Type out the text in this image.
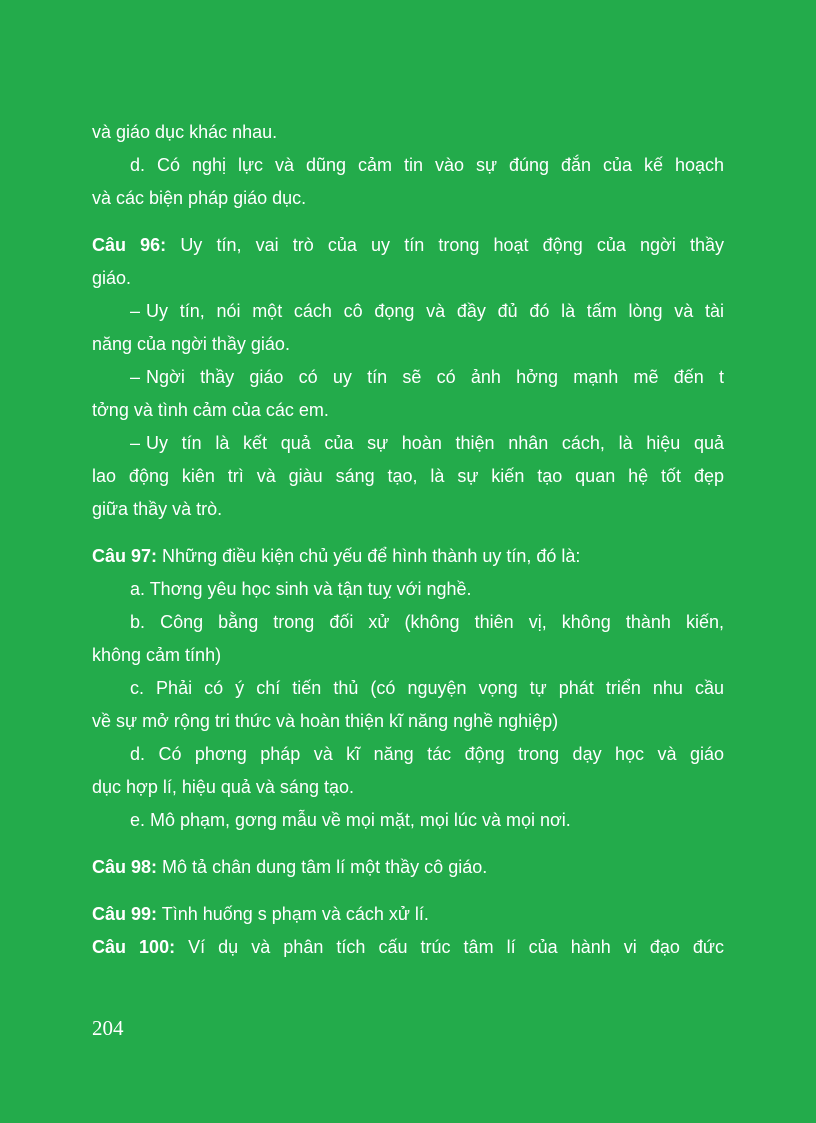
và giáo dục khác nhau.
d. Có nghị lực và dũng cảm tin vào sự đúng đắn của kế hoạch
và các biện pháp giáo dục.
Câu 96: Uy tín, vai trò của uy tín trong hoạt động của ngời thầy
giáo.
– Uy tín, nói một cách cô đọng và đầy đủ đó là tấm lòng và tài
năng của ngời thầy giáo.
– Ngời thầy giáo có uy tín sẽ có ảnh hởng mạnh mẽ đến t
tởng và tình cảm của các em.
– Uy tín là kết quả của sự hoàn thiện nhân cách, là hiệu quả
lao động kiên trì và giàu sáng tạo, là sự kiến tạo quan hệ tốt đẹp
giữa thầy và trò.
Câu 97: Những điều kiện chủ yếu để hình thành uy tín, đó là:
a. Thơng yêu học sinh và tận tuỵ với nghề.
b. Công bằng trong đối xử (không thiên vị, không thành kiến,
không cảm tính)
c. Phải có ý chí tiến thủ (có nguyện vọng tự phát triển nhu cầu
về sự mở rộng tri thức và hoàn thiện kĩ năng nghề nghiệp)
d. Có phơng pháp và kĩ năng tác động trong dạy học và giáo
dục hợp lí, hiệu quả và sáng tạo.
e. Mô phạm, gơng mẫu về mọi mặt, mọi lúc và mọi nơi.
Câu 98: Mô tả chân dung tâm lí một thầy cô giáo.
Câu 99: Tình huống s phạm và cách xử lí.
Câu 100: Ví dụ và phân tích cấu trúc tâm lí của hành vi đạo đức
204
